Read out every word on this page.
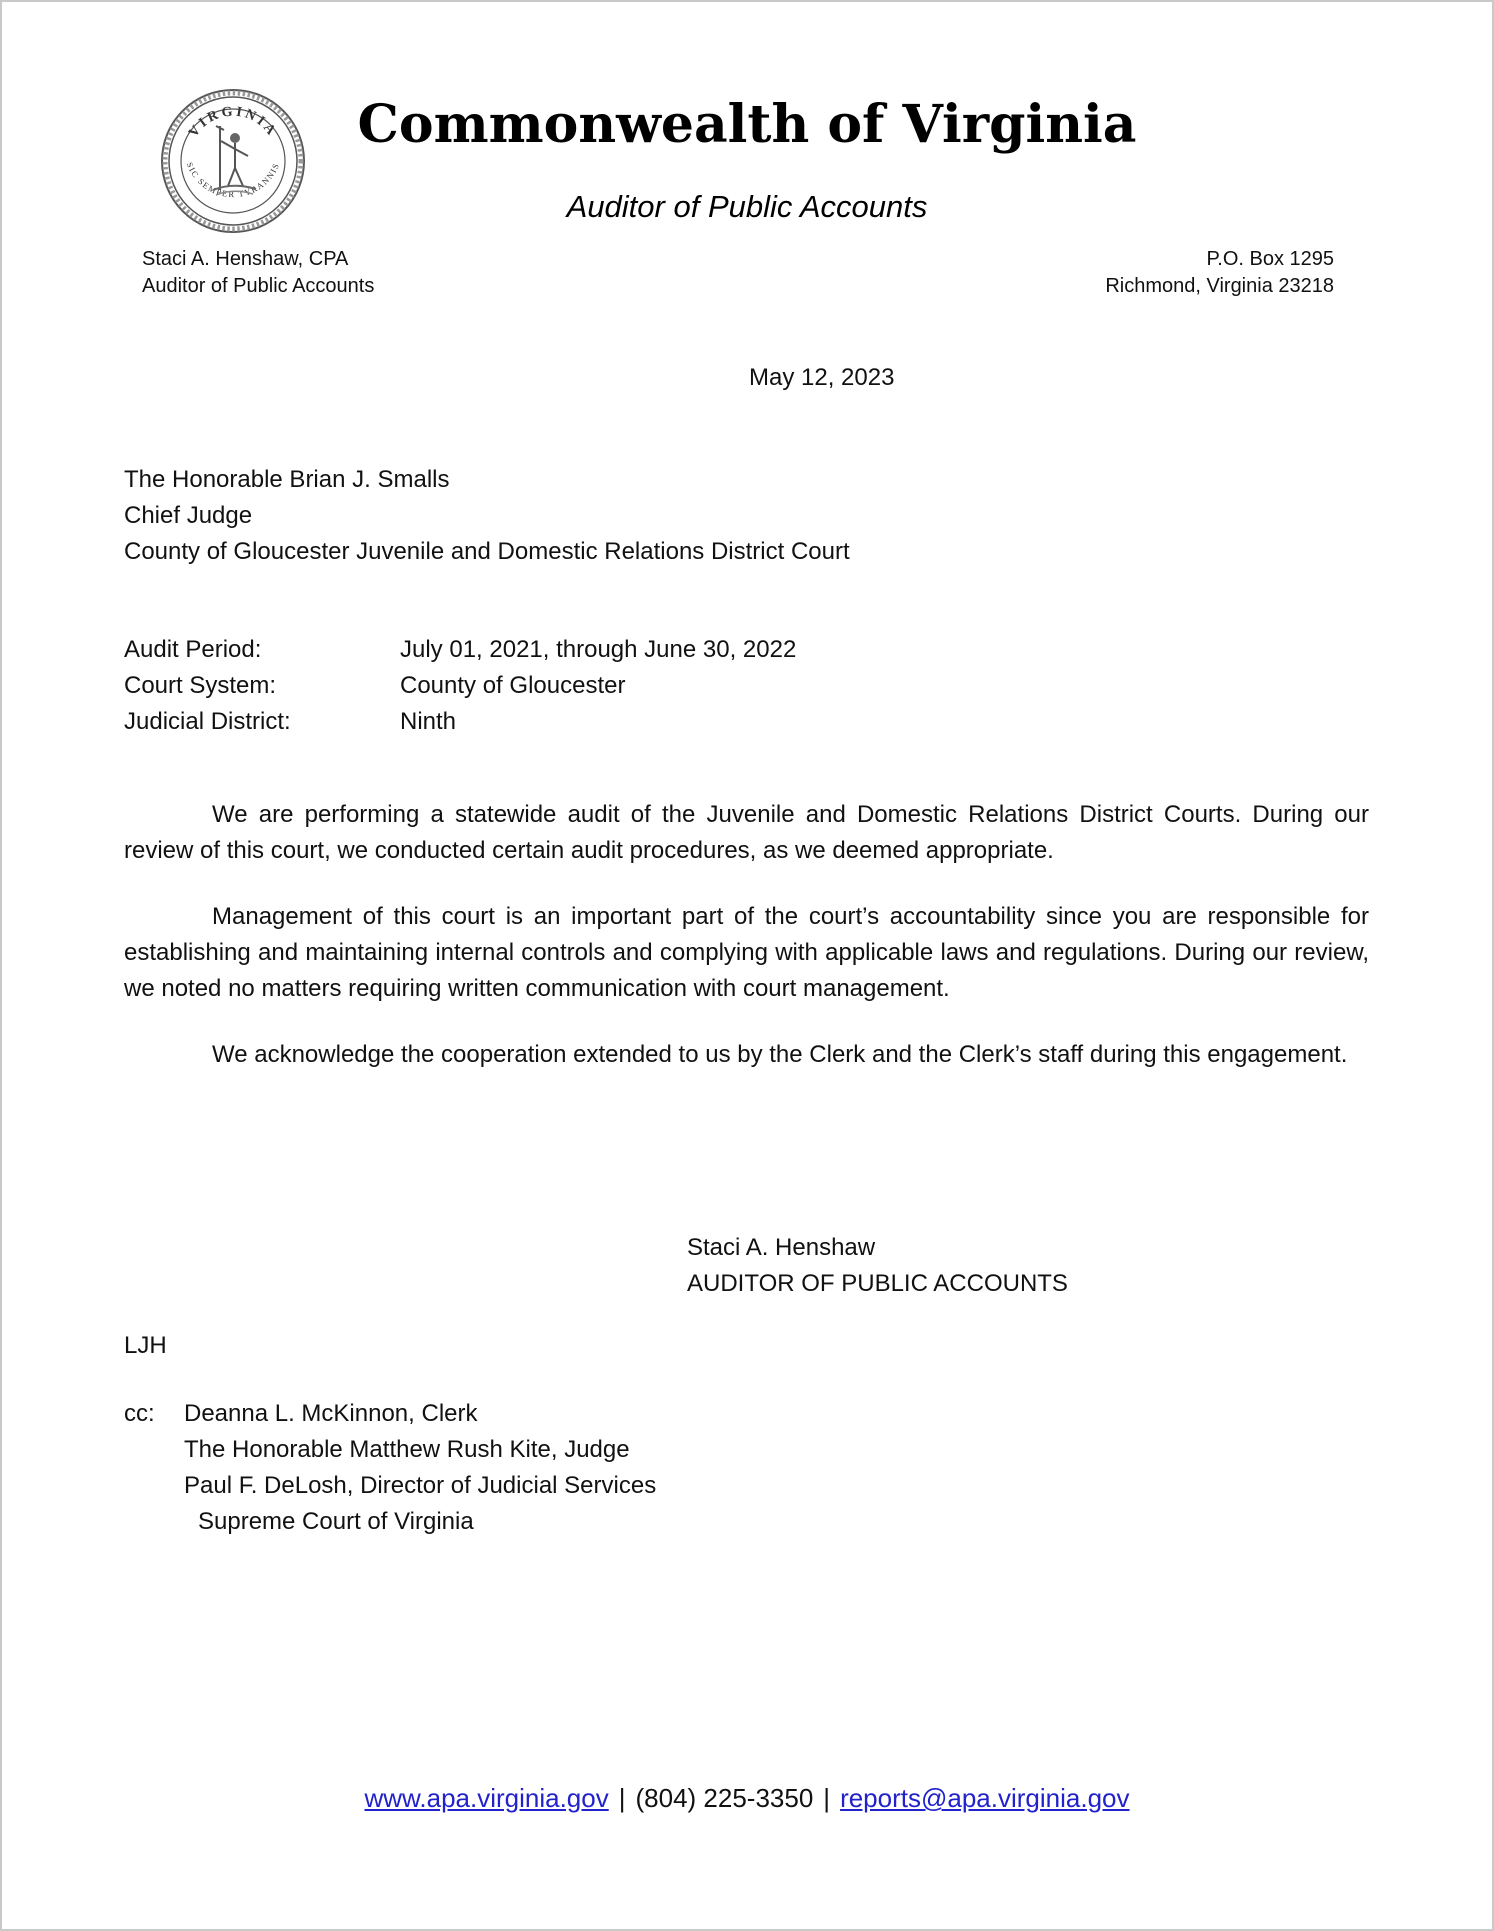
VIRGINIA
SIC SEMPER TYRANNIS
Commonwealth of Virginia
Auditor of Public Accounts
Staci A. Henshaw, CPA
Auditor of Public Accounts
P.O. Box 1295
Richmond, Virginia 23218
May 12, 2023
The Honorable Brian J. Smalls
Chief Judge
County of Gloucester Juvenile and Domestic Relations District Court
Audit Period:	July 01, 2021, through June 30, 2022
Court System:	County of Gloucester
Judicial District:	Ninth

We are performing a statewide audit of the Juvenile and Domestic Relations District Courts. During our review of this court, we conducted certain audit procedures, as we deemed appropriate.

Management of this court is an important part of the court’s accountability since you are responsible for establishing and maintaining internal controls and complying with applicable laws and regulations. During our review, we noted no matters requiring written communication with court management.

We acknowledge the cooperation extended to us by the Clerk and the Clerk’s staff during this engagement.

Staci A. Henshaw
AUDITOR OF PUBLIC ACCOUNTS
LJH
cc:	Deanna L. McKinnon, Clerk
The Honorable Matthew Rush Kite, Judge
Paul F. DeLosh, Director of Judicial Services
Supreme Court of Virginia
www.apa.virginia.gov | (804) 225-3350 | reports@apa.virginia.gov
